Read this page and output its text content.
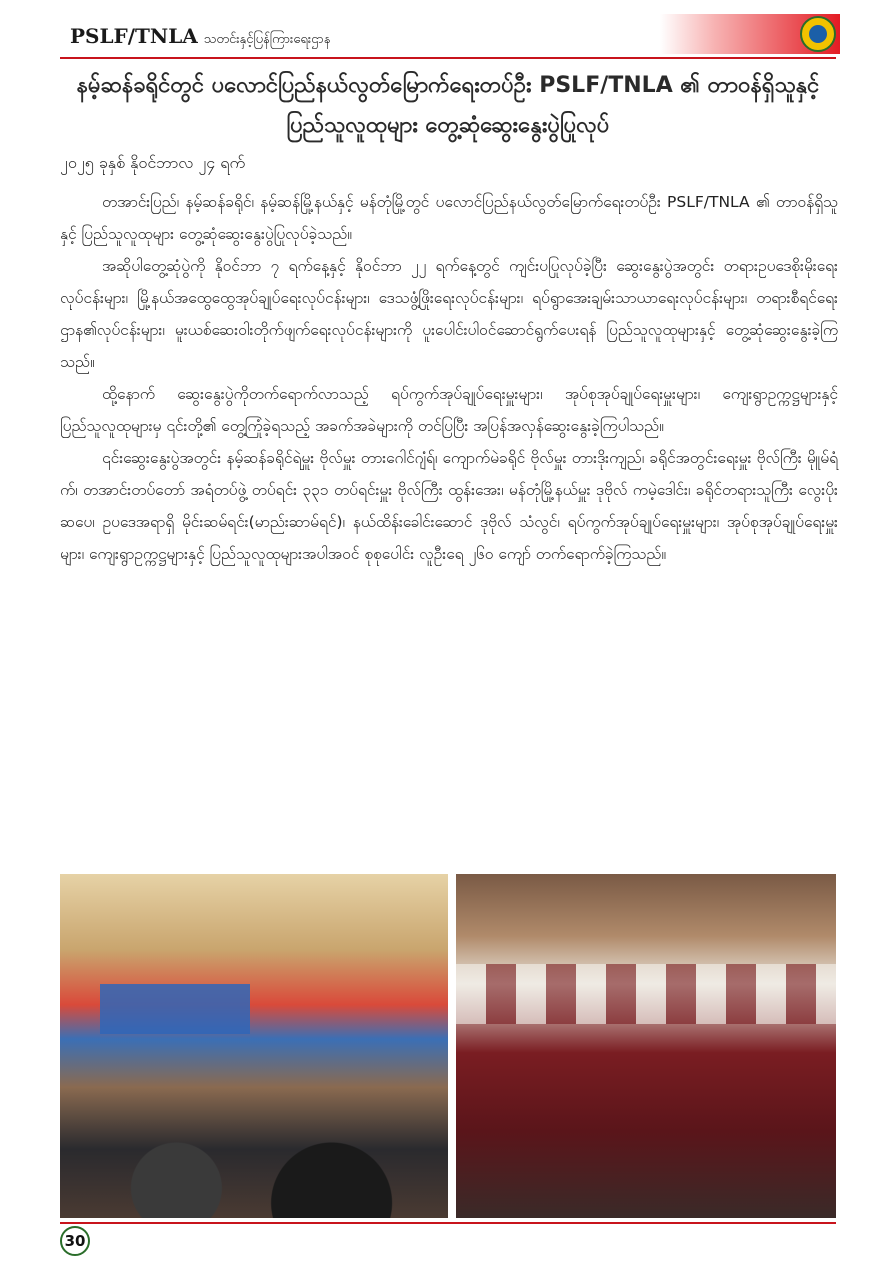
PSLF/TNLA သတင်းနှင့်ပြန်ကြားရေးဌာန
နမ့်ဆန်ခရိုင်တွင် ပလောင်ပြည်နယ်လွတ်မြောက်ရေးတပ်ဦး PSLF/TNLA ၏ တာဝန်ရှိသူနှင့် ပြည်သူလူထုများ တွေ့ဆုံဆွေးနွေးပွဲပြုလုပ်
၂၀၂၅ ခုနှစ် နိုဝင်ဘာလ ၂၄ ရက်

တအာင်းပြည်၊ နမ့်ဆန်ခရိုင်၊ နမ့်ဆန်မြို့နယ်နှင့် မန်တုံမြို့တွင် ပလောင်ပြည်နယ်လွတ်မြောက်ရေးတပ်ဦး PSLF/TNLA ၏ တာဝန်ရှိသူနှင့် ပြည်သူလူထုများ တွေ့ဆုံဆွေးနွေးပွဲပြုလုပ်ခဲ့သည်။

အဆိုပါတွေ့ဆုံပွဲကို နိုဝင်ဘာ ၇ ရက်နေ့နှင့် နိုဝင်ဘာ ၂၂ ရက်နေ့တွင် ကျင်းပပြုလုပ်ခဲ့ပြီး ဆွေးနွေးပွဲအတွင်း တရားဥပဒေစိုးမိုးရေးလုပ်ငန်းများ၊ မြို့နယ်အထွေထွေအုပ်ချုပ်ရေးလုပ်ငန်းများ၊ ဒေသဖွံ့ဖြိုးရေးလုပ်ငန်းများ၊ ရပ်ရွာအေးချမ်းသာယာရေးလုပ်ငန်းများ၊ တရားစီရင်ရေးဌာန၏လုပ်ငန်းများ၊ မူးယစ်ဆေးဝါးတိုက်ဖျက်ရေးလုပ်ငန်းများကို ပူးပေါင်းပါဝင်ဆောင်ရွက်ပေးရန် ပြည်သူလူထုများနှင့် တွေ့ဆုံဆွေးနွေးခဲ့ကြသည်။

ထို့နောက် ဆွေးနွေးပွဲကိုတက်ရောက်လာသည့် ရပ်ကွက်အုပ်ချုပ်ရေးမှူးများ၊ အုပ်စုအုပ်ချုပ်ရေးမှူးများ၊ ကျေးရွာဥက္ကဋ္ဌများနှင့် ပြည်သူလူထုများမှ ၎င်းတို့၏ တွေ့ကြုံခဲ့ရသည့် အခက်အခဲများကို တင်ပြပြီး အပြန်အလှန်ဆွေးနွေးခဲ့ကြပါသည်။

၎င်းဆွေးနွေးပွဲအတွင်း နမ့်ဆန်ခရိုင်ရဲမှူး ဗိုလ်မှူး တားဂေါင်ဂျံရ်၊ ကျောက်မဲခရိုင် ဗိုလ်မှူး တားဒိုးကျည်၊ ခရိုင်အတွင်းရေးမှူး ဗိုလ်ကြီး မိုူမ်ရံက်၊ တအာင်းတပ်တော် အရံတပ်ဖွဲ့ တပ်ရင်း ၃၃၁ တပ်ရင်းမှူး ဗိုလ်ကြီး ထွန်းအေး၊ မန်တုံမြို့နယ်မှူး ဒုဗိုလ် ကမဲ့ဒေါင်း၊ ခရိုင်တရားသူကြီး လွေးပိုးဆပေ၊ ဥပဒေအရာရှိ မိုင်းဆမ်ရင်း(မာည်းဆာမ်ရင်)၊ နယ်ထိန်းခေါင်းဆောင် ဒုဗိုလ် သံလွင်၊ ရပ်ကွက်အုပ်ချုပ်ရေးမှူးများ၊ အုပ်စုအုပ်ချုပ်ရေးမှူးများ၊ ကျေးရွာဥက္ကဋ္ဌများနှင့် ပြည်သူလူထုများအပါအဝင် စုစုပေါင်း လူဦးရေ ၂၆၀ ကျော် တက်ရောက်ခဲ့ကြသည်။

30
